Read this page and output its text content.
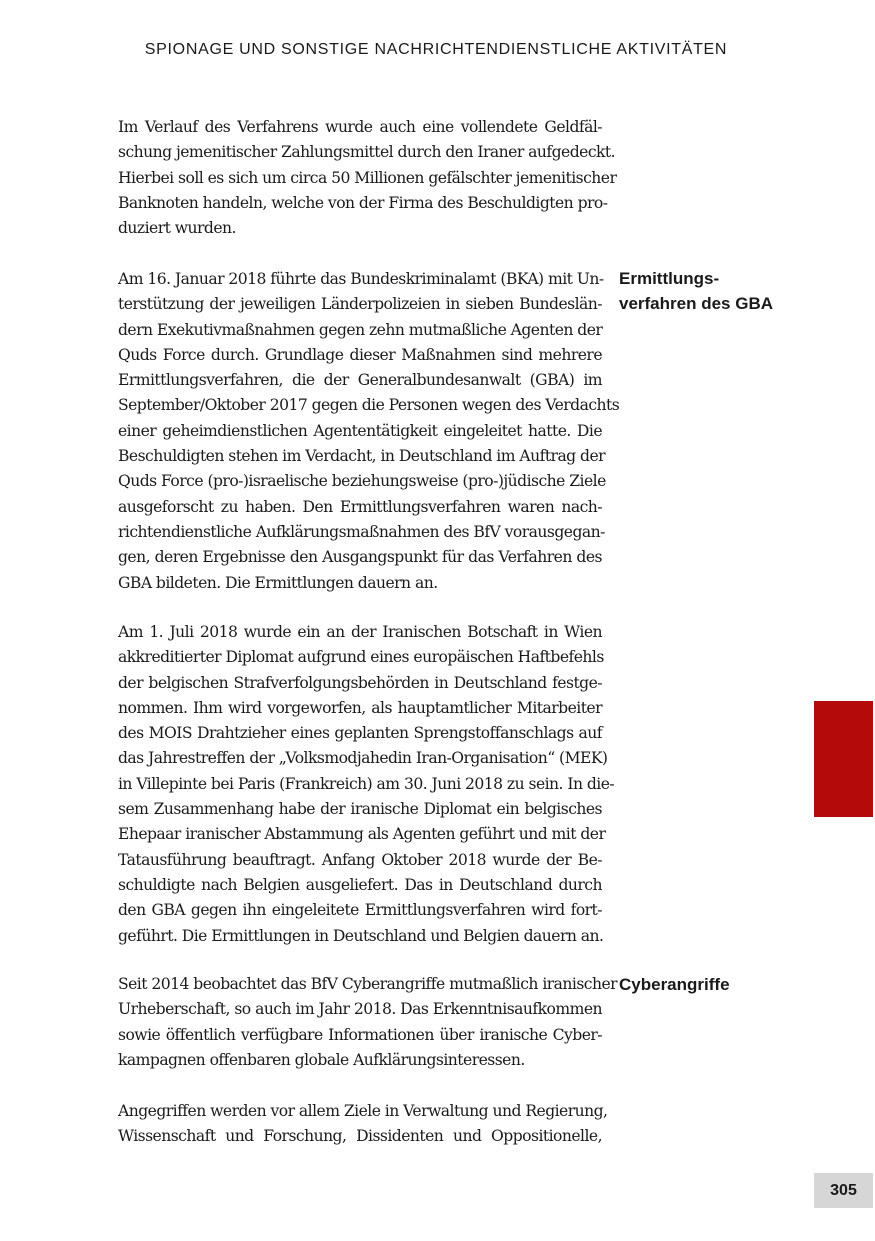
SPIONAGE UND SONSTIGE NACHRICHTENDIENSTLICHE AKTIVITÄTEN
Im Verlauf des Verfahrens wurde auch eine vollendete Geldfäl-
schung jemenitischer Zahlungsmittel durch den Iraner aufgedeckt.
Hierbei soll es sich um circa 50 Millionen gefälschter jemenitischer
Banknoten handeln, welche von der Firma des Beschuldigten pro-
duziert wurden.
Am 16. Januar 2018 führte das Bundeskriminalamt (BKA) mit Un-
terstützung der jeweiligen Länderpolizeien in sieben Bundeslän-
dern Exekutivmaßnahmen gegen zehn mutmaßliche Agenten der
Quds Force durch. Grundlage dieser Maßnahmen sind mehrere
Ermittlungsverfahren, die der Generalbundesanwalt (GBA) im
September/Oktober 2017 gegen die Personen wegen des Verdachts
einer geheimdienstlichen Agententätigkeit eingeleitet hatte. Die
Beschuldigten stehen im Verdacht, in Deutschland im Auftrag der
Quds Force (pro-)israelische beziehungsweise (pro-)jüdische Ziele
ausgeforscht zu haben. Den Ermittlungsverfahren waren nach-
richtendienstliche Aufklärungsmaßnahmen des BfV vorausgegan-
gen, deren Ergebnisse den Ausgangspunkt für das Verfahren des
GBA bildeten. Die Ermittlungen dauern an.
Am 1. Juli 2018 wurde ein an der Iranischen Botschaft in Wien
akkreditierter Diplomat aufgrund eines europäischen Haftbefehls
der belgischen Strafverfolgungsbehörden in Deutschland festge-
nommen. Ihm wird vorgeworfen, als hauptamtlicher Mitarbeiter
des MOIS Drahtzieher eines geplanten Sprengstoffanschlags auf
das Jahrestreffen der „Volksmodjahedin Iran-Organisation“ (MEK)
in Villepinte bei Paris (Frankreich) am 30. Juni 2018 zu sein. In die-
sem Zusammenhang habe der iranische Diplomat ein belgisches
Ehepaar iranischer Abstammung als Agenten geführt und mit der
Tatausführung beauftragt. Anfang Oktober 2018 wurde der Be-
schuldigte nach Belgien ausgeliefert. Das in Deutschland durch
den GBA gegen ihn eingeleitete Ermittlungsverfahren wird fort-
geführt. Die Ermittlungen in Deutschland und Belgien dauern an.
Seit 2014 beobachtet das BfV Cyberangriffe mutmaßlich iranischer
Urheberschaft, so auch im Jahr 2018. Das Erkenntnisaufkommen
sowie öffentlich verfügbare Informationen über iranische Cyber-
kampagnen offenbaren globale Aufklärungsinteressen.
Angegriffen werden vor allem Ziele in Verwaltung und Regierung,
Wissenschaft und Forschung, Dissidenten und Oppositionelle,
Ermittlungs-
verfahren des GBA
Cyberangriffe
305
